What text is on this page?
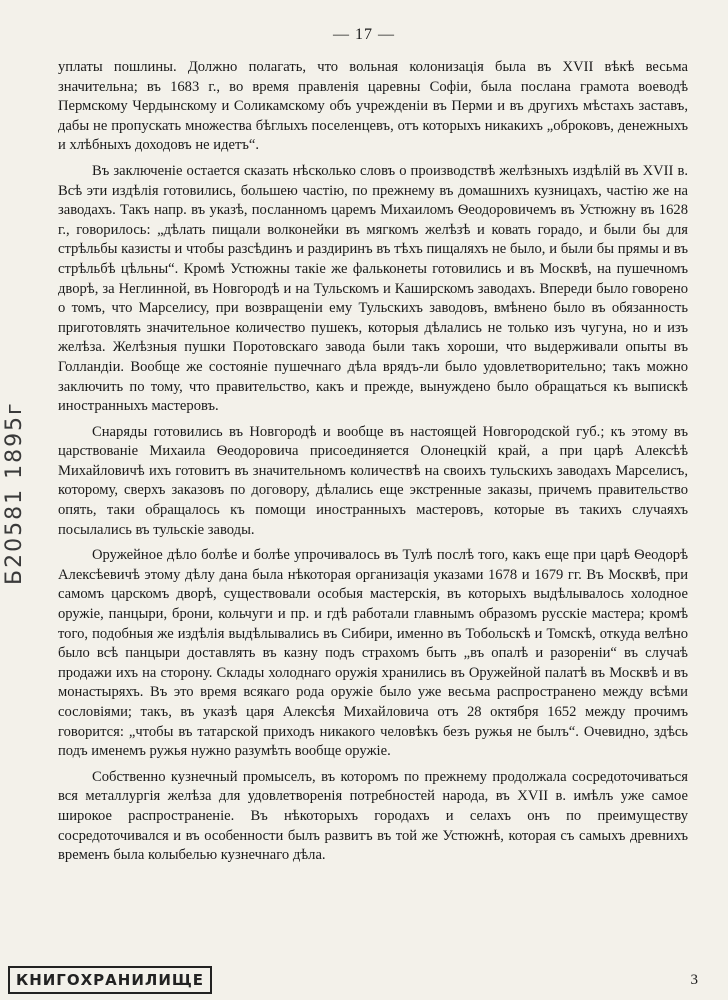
— 17 —

уплаты пошлины. Должно полагать, что вольная колонизація была въ XVII вѣкѣ весьма значительна; въ 1683 г., во время правленія царевны Софіи, была послана грамота воеводѣ Пермскому Чердынскому и Соликамскому объ учрежденіи въ Перми и въ другихъ мѣстахъ заставъ, дабы не пропускать множества бѣглыхъ поселенцевъ, отъ которыхъ никакихъ „оброковъ, денежныхъ и хлѣбныхъ доходовъ не идетъ“.

Въ заключеніе остается сказать нѣсколько словъ о производствѣ желѣзныхъ издѣлій въ XVII в. Всѣ эти издѣлія готовились, большею частію, по прежнему въ домашнихъ кузницахъ, частію же на заводахъ. Такъ напр. въ указѣ, посланномъ царемъ Михаиломъ Ѳеодоровичемъ въ Устюжну въ 1628 г., говорилось: „дѣлать пищали волконейки въ мягкомъ желѣзѣ и ковать горадо, и были бы для стрѣльбы казисты и чтобы разсѣдинъ и раздиринъ въ тѣхъ пищаляхъ не было, и были бы прямы и въ стрѣльбѣ цѣльны“. Кромѣ Устюжны такіе же фальконеты готовились и въ Москвѣ, на пушечномъ дворѣ, за Неглинной, въ Новгородѣ и на Тульскомъ и Каширскомъ заводахъ. Впереди было говорено о томъ, что Марселису, при возвращеніи ему Тульскихъ заводовъ, вмѣнено было въ обязанность приготовлять значительное количество пушекъ, которыя дѣлались не только изъ чугуна, но и изъ желѣза. Желѣзныя пушки Поротовскаго завода были такъ хороши, что выдерживали опыты въ Голландіи. Вообще же состояніе пушечнаго дѣла врядъ-ли было удовлетворительно; такъ можно заключить по тому, что правительство, какъ и прежде, вынуждено было обращаться къ выпискѣ иностранныхъ мастеровъ.

Снаряды готовились въ Новгородѣ и вообще въ настоящей Новгородской губ.; къ этому въ царствованіе Михаила Ѳеодоровича присоединяется Олонецкій край, а при царѣ Алексѣѣ Михайловичѣ ихъ готовитъ въ значительномъ количествѣ на своихъ тульскихъ заводахъ Марселисъ, которому, сверхъ заказовъ по договору, дѣлались еще экстренные заказы, причемъ правительство опять, таки обращалось къ помощи иностранныхъ мастеровъ, которые въ такихъ случаяхъ посылались въ тульскіе заводы.

Оружейное дѣло болѣе и болѣе упрочивалось въ Тулѣ послѣ того, какъ еще при царѣ Ѳеодорѣ Алексѣевичѣ этому дѣлу дана была нѣкоторая организація указами 1678 и 1679 гг. Въ Москвѣ, при самомъ царскомъ дворѣ, существовали особыя мастерскія, въ которыхъ выдѣлывалось холодное оружіе, панцыри, брони, кольчуги и пр. и гдѣ работали главнымъ образомъ русскіе мастера; кромѣ того, подобныя же издѣлія выдѣлывались въ Сибири, именно въ Тобольскѣ и Томскѣ, откуда велѣно было всѣ панцыри доставлять въ казну подъ страхомъ быть „въ опалѣ и разореніи“ въ случаѣ продажи ихъ на сторону. Склады холоднаго оружія хранились въ Оружейной палатѣ въ Москвѣ и въ монастыряхъ. Въ это время всякаго рода оружіе было уже весьма распространено между всѣми сословіями; такъ, въ указѣ царя Алексѣя Михайловича отъ 28 октября 1652 между прочимъ говорится: „чтобы въ татарской приходъ никакого человѣкъ безъ ружья не былъ“. Очевидно, здѣсь подъ именемъ ружья нужно разумѣть вообще оружіе.

Собственно кузнечный промыселъ, въ которомъ по прежнему продолжала сосредоточиваться вся металлургія желѣза для удовлетворенія потребностей народа, въ XVII в. имѣлъ уже самое широкое распространеніе. Въ нѣкоторыхъ городахъ и селахъ онъ по преимуществу сосредоточивался и въ особенности былъ развитъ въ той же Устюжнѣ, которая съ самыхъ древнихъ временъ была колыбелью кузнечнаго дѣла.

Б20581 1895г
КНИГОХРАНИЛИЩЕ	3
